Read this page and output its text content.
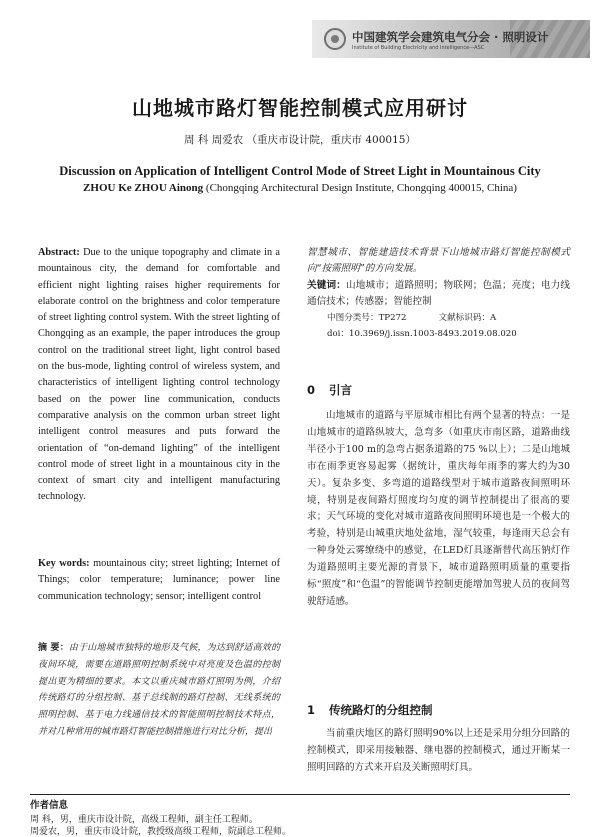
中国建筑学会建筑电气分会 · 照明设计
Institute of Building Electricity and Intelligence—ASC
山地城市路灯智能控制模式应用研讨
周 科 周爱农 （重庆市设计院，重庆市 400015）
Discussion on Application of Intelligent Control Mode of Street Light in Mountainous City
ZHOU Ke ZHOU Ainong (Chongqing Architectural Design Institute, Chongqing 400015, China)
Abstract: Due to the unique topography and climate in a mountainous city, the demand for comfortable and efficient night lighting raises higher requirements for elaborate control on the brightness and color temperature of street lighting control system. With the street lighting of Chongqing as an example, the paper introduces the group control on the traditional street light, light control based on the bus-mode, lighting control of wireless system, and characteristics of intelligent lighting control technology based on the power line communication, conducts comparative analysis on the common urban street light intelligent control measures and puts forward the orientation of “on-demand lighting” of the intelligent control mode of street light in a mountainous city in the context of smart city and intelligent manufacturing technology.
Key words: mountainous city; street lighting; Internet of Things; color temperature; luminance; power line communication technology; sensor; intelligent control
摘 要：由于山地城市独特的地形及气候，为达到舒适高效的夜间环境，需要在道路照明控制系统中对亮度及色温的控制提出更为精细的要求。本文以重庆城市路灯照明为例，介绍传统路灯的分组控制、基于总线制的路灯控制、无线系统的照明控制、基于电力线通信技术的智能照明控制技术特点，并对几种常用的城市路灯智能控制措施进行对比分析，提出
智慧城市、智能建造技术背景下山地城市路灯智能控制模式向“按需照明”的方向发展。
关键词：山地城市；道路照明；物联网；色温；亮度；电力线通信技术；传感器；智能控制
中图分类号：TP272	文献标识码：A
doi：10.3969/j.issn.1003-8493.2019.08.020
0 引言
山地城市的道路与平原城市相比有两个显著的特点：一是山地城市的道路纵坡大，急弯多（如重庆市南区路，道路曲线半径小于100 m的急弯占据条道路的75 %以上）；二是山地城市在雨季更容易起雾（据统计，重庆每年雨季的雾大约为30天）。复杂多变、多弯道的道路线型对于城市道路夜间照明环境，特别是夜间路灯照度均匀度的调节控制提出了很高的要求；天气环境的变化对城市道路夜间照明环境也是一个极大的考验，特别是山城重庆地处盆地，湿气较重，每逢雨天总会有一种身处云雾缭绕中的感觉，在LED灯具逐渐替代高压钠灯作为道路照明主要光源的背景下，城市道路照明质量的重要指标“照度”和“色温”的智能调节控制更能增加驾驶人员的夜间驾驶舒适感。
1 传统路灯的分组控制
当前重庆地区的路灯照明90%以上还是采用分组分回路的控制模式，即采用接触器、继电器的控制模式，通过开断某一照明回路的方式来开启及关断照明灯具。
作者信息
周 科，男，重庆市设计院，高级工程师，副主任工程师。
周爱农，男，重庆市设计院，教授级高级工程师，院副总工程师。
